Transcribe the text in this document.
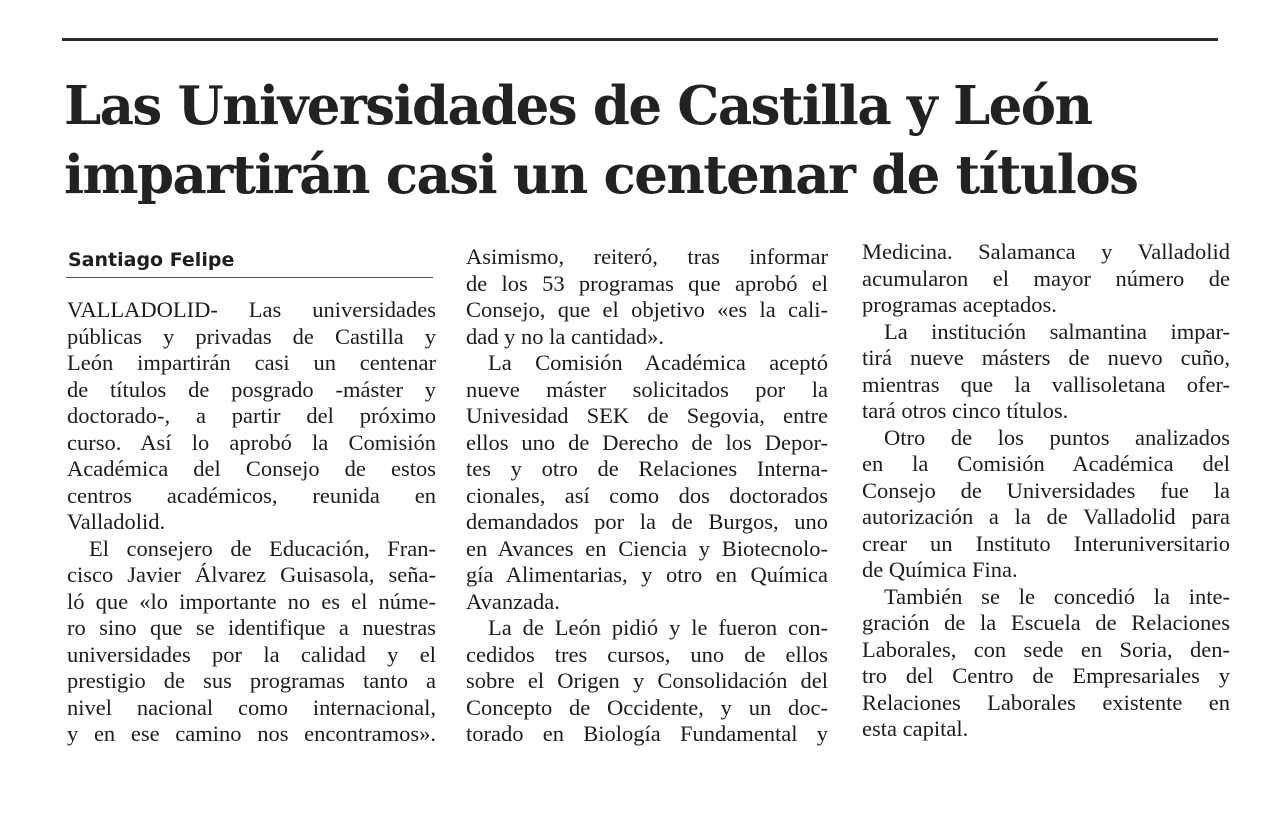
Las Universidades de Castilla y León
impartirán casi un centenar de títulos
Santiago Felipe
VALLADOLID- Las universidades
públicas y privadas de Castilla y
León impartirán casi un centenar
de títulos de posgrado -máster y
doctorado-, a partir del próximo
curso. Así lo aprobó la Comisión
Académica del Consejo de estos
centros académicos, reunida en
Valladolid.
El consejero de Educación, Fran-
cisco Javier Álvarez Guisasola, seña-
ló que «lo importante no es el núme-
ro sino que se identifique a nuestras
universidades por la calidad y el
prestigio de sus programas tanto a
nivel nacional como internacional,
y en ese camino nos encontramos».
Asimismo, reiteró, tras informar
de los 53 programas que aprobó el
Consejo, que el objetivo «es la cali-
dad y no la cantidad».
La Comisión Académica aceptó
nueve máster solicitados por la
Univesidad SEK de Segovia, entre
ellos uno de Derecho de los Depor-
tes y otro de Relaciones Interna-
cionales, así como dos doctorados
demandados por la de Burgos, uno
en Avances en Ciencia y Biotecnolo-
gía Alimentarias, y otro en Química
Avanzada.
La de León pidió y le fueron con-
cedidos tres cursos, uno de ellos
sobre el Origen y Consolidación del
Concepto de Occidente, y un doc-
torado en Biología Fundamental y
Medicina. Salamanca y Valladolid
acumularon el mayor número de
programas aceptados.
La institución salmantina impar-
tirá nueve másters de nuevo cuño,
mientras que la vallisoletana ofer-
tará otros cinco títulos.
Otro de los puntos analizados
en la Comisión Académica del
Consejo de Universidades fue la
autorización a la de Valladolid para
crear un Instituto Interuniversitario
de Química Fina.
También se le concedió la inte-
gración de la Escuela de Relaciones
Laborales, con sede en Soria, den-
tro del Centro de Empresariales y
Relaciones Laborales existente en
esta capital.
